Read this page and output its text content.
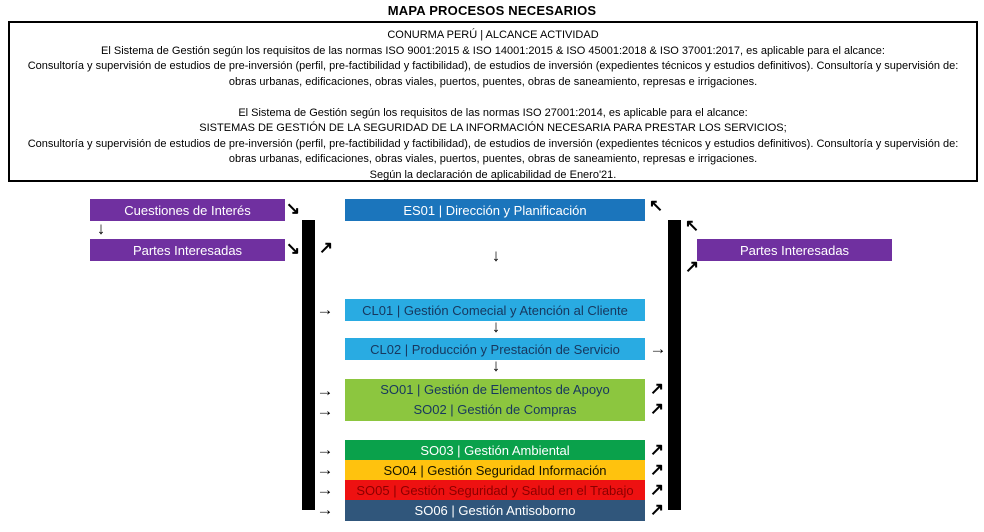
MAPA PROCESOS NECESARIOS
CONURMA PERÚ | ALCANCE ACTIVIDAD
El Sistema de Gestión según los requisitos de las normas ISO 9001:2015 & ISO 14001:2015 & ISO 45001:2018 & ISO 37001:2017, es aplicable para el alcance:
Consultoría y supervisión de estudios de pre-inversión (perfil, pre-factibilidad y factibilidad), de estudios de inversión (expedientes técnicos y estudios definitivos). Consultoría y supervisión de: obras urbanas, edificaciones, obras viales, puertos, puentes, obras de saneamiento, represas e irrigaciones.
El Sistema de Gestión según los requisitos de las normas ISO 27001:2014, es aplicable para el alcance:
SISTEMAS DE GESTIÓN DE LA SEGURIDAD DE LA INFORMACIÓN NECESARIA PARA PRESTAR LOS SERVICIOS;
Consultoría y supervisión de estudios de pre-inversión (perfil, pre-factibilidad y factibilidad), de estudios de inversión (expedientes técnicos y estudios definitivos). Consultoría y supervisión de: obras urbanas, edificaciones, obras viales, puertos, puentes, obras de saneamiento, represas e irrigaciones.
Según la declaración de aplicabilidad de Enero'21.
Cuestiones de Interés
Partes Interesadas	Partes Interesadas
ES01 | Dirección y Planificación
CL01 | Gestión Comecial y Atención al Cliente
CL02 | Producción y Prestación de Servicio
SO01 | Gestión de Elementos de Apoyo
SO02 | Gestión de Compras
SO03 | Gestión Ambiental
SO04 | Gestión Seguridad Información
SO05 | Gestión Seguridad y Salud en el Trabajo
SO06 | Gestión Antisoborno
↘
↓
↘ ↗
↖
↖
↗
↓
↓
↓
→
→
→
→
↗
↗
→
→
→
→
↗
↗
↗
↗
